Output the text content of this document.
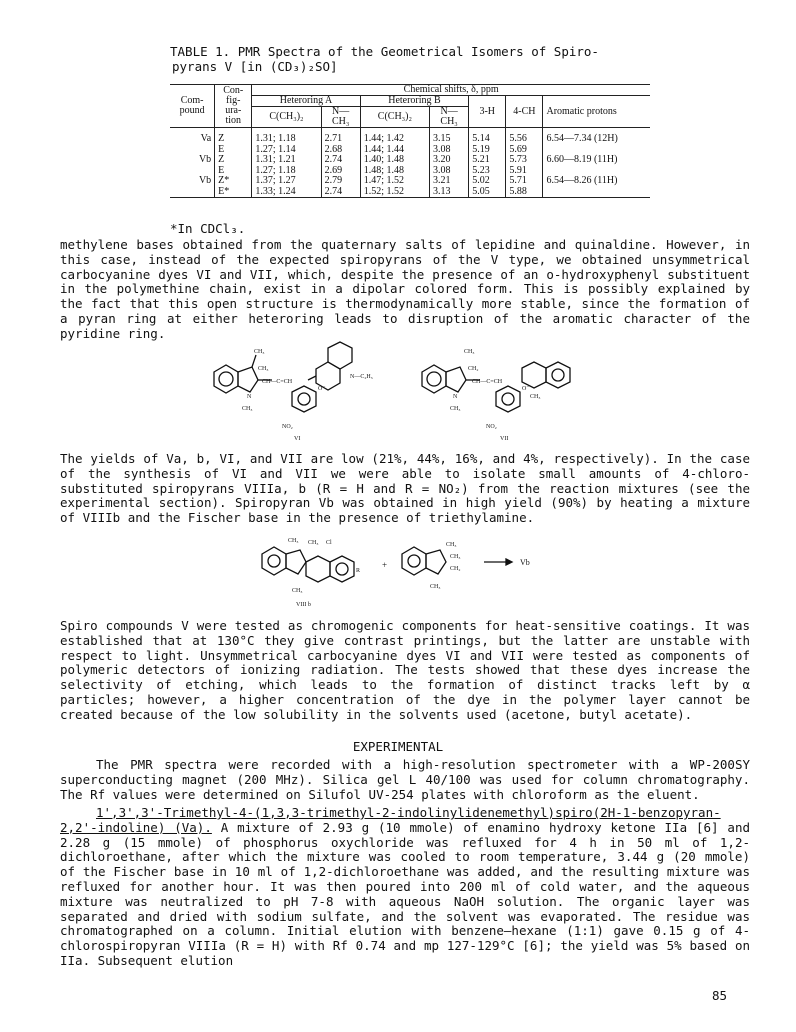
TABLE 1. PMR Spectra of the Geometrical Isomers of Spiro-
pyrans V [in (CD₃)₂SO]
Com-pound	Con-fig-ura-tion	Chemical shifts, δ, ppm						
		Heteroring A		Heteroring B		3-H	4-CH	Aromatic protons
		C(CH₃)₂	N—CH₃	C(CH₃)₂	N—CH₃			
Va	Z	1.31; 1.18	2.71	1.44; 1.42	3.15	5.14	5.56	6.54—7.34 (12H)
	E	1.27; 1.14	2.68	1.44; 1.44	3.08	5.19	5.69	
Vb	Z	1.31; 1.21	2.74	1.40; 1.48	3.20	5.21	5.73	6.60—8.19 (11H)
	E	1.27; 1.18	2.69	1.48; 1.48	3.08	5.23	5.91	
Vb	Z*	1.37; 1.27	2.79	1.47; 1.52	3.21	5.02	5.71	6.54—8.26 (11H)
	E*	1.33; 1.24	2.74	1.52; 1.52	3.13	5.05	5.88	

*In CDCl₃.
methylene bases obtained from the quaternary salts of lepidine and quinaldine. However, in this case, instead of the expected spiropyrans of the V type, we obtained unsymmetrical carbocyanine dyes VI and VII, which, despite the presence of an o-hydroxyphenyl substituent in the polymethine chain, exist in a dipolar colored form. This is possibly explained by the fact that this open structure is thermodynamically more stable, since the formation of a pyran ring at either heteroring leads to disruption of the aromatic character of the pyridine ring.
CH₃
CH₃
N
CH₃
CH—C=CH
N—C₂H₅
O⁻
NO₂
VI
CH₃
CH₂
N
CH₃
CH—C=CH
CH₃
O⁻
NO₂
VII
The yields of Va, b, VI, and VII are low (21%, 44%, 16%, and 4%, respectively). In the case of the synthesis of VI and VII we were able to isolate small amounts of 4-chloro-substituted spiropyrans VIIIa, b (R = H and R = NO₂) from the reaction mixtures (see the experimental section). Spiropyran Vb was obtained in high yield (90%) by heating a mixture of VIIIb and the Fischer base in the presence of triethylamine.
CH₃ CH₃ Cl
R
CH₃
VIII b
+
CH₃
CH₃
CH₂
CH₃
Vb
Spiro compounds V were tested as chromogenic components for heat-sensitive coatings. It was established that at 130°C they give contrast printings, but the latter are unstable with respect to light. Unsymmetrical carbocyanine dyes VI and VII were tested as components of polymeric detectors of ionizing radiation. The tests showed that these dyes increase the selectivity of etching, which leads to the formation of distinct tracks left by α particles; however, a higher concentration of the dye in the polymer layer cannot be created because of the low solubility in the solvents used (acetone, butyl acetate).
EXPERIMENTAL
The PMR spectra were recorded with a high-resolution spectrometer with a WP-200SY superconducting magnet (200 MHz). Silica gel L 40/100 was used for column chromatography. The Rf values were determined on Silufol UV-254 plates with chloroform as the eluent.
1',3',3'-Trimethyl-4-(1,3,3-trimethyl-2-indolinylidenemethyl)spiro(2H-1-benzopyran-2,2'-indoline) (Va). A mixture of 2.93 g (10 mmole) of enamino hydroxy ketone IIa [6] and 2.28 g (15 mmole) of phosphorus oxychloride was refluxed for 4 h in 50 ml of 1,2-dichloroethane, after which the mixture was cooled to room temperature, 3.44 g (20 mmole) of the Fischer base in 10 ml of 1,2-dichloroethane was added, and the resulting mixture was refluxed for another hour. It was then poured into 200 ml of cold water, and the aqueous mixture was neutralized to pH 7-8 with aqueous NaOH solution. The organic layer was separated and dried with sodium sulfate, and the solvent was evaporated. The residue was chromatographed on a column. Initial elution with benzene—hexane (1:1) gave 0.15 g of 4-chlorospiropyran VIIIa (R = H) with Rf 0.74 and mp 127-129°C [6]; the yield was 5% based on IIa. Subsequent elution
85
